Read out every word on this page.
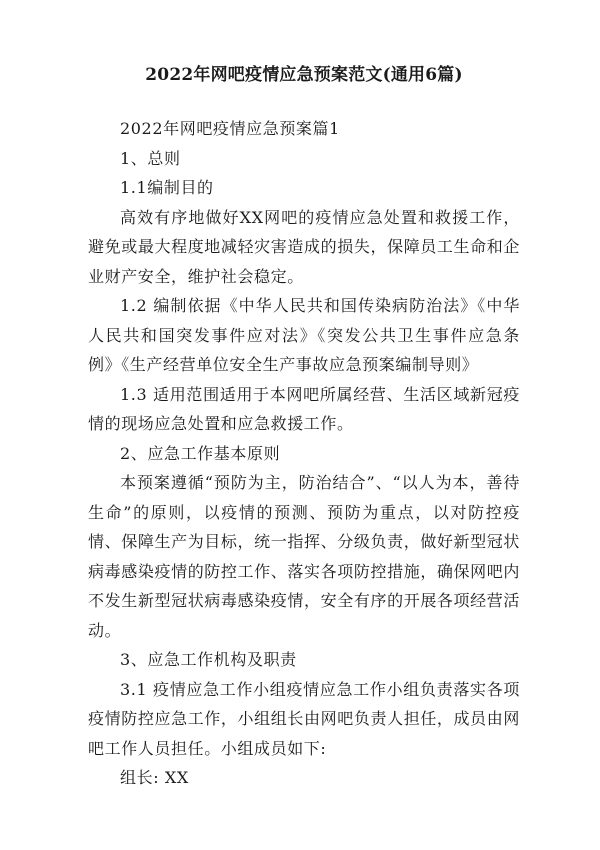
2022年网吧疫情应急预案范文(通用6篇)

2022年网吧疫情应急预案篇1

1、总则

1.1编制目的

高效有序地做好XX网吧的疫情应急处置和救援工作，避免或最大程度地减轻灾害造成的损失，保障员工生命和企业财产安全，维护社会稳定。

1.2 编制依据《中华人民共和国传染病防治法》《中华人民共和国突发事件应对法》《突发公共卫生事件应急条例》《生产经营单位安全生产事故应急预案编制导则》

1.3 适用范围适用于本网吧所属经营、生活区域新冠疫情的现场应急处置和应急救援工作。

2、应急工作基本原则

本预案遵循“预防为主，防治结合”、“以人为本，善待生命”的原则，以疫情的预测、预防为重点，以对防控疫情、保障生产为目标，统一指挥、分级负责，做好新型冠状病毒感染疫情的防控工作、落实各项防控措施，确保网吧内不发生新型冠状病毒感染疫情，安全有序的开展各项经营活动。

3、应急工作机构及职责

3.1 疫情应急工作小组疫情应急工作小组负责落实各项疫情防控应急工作，小组组长由网吧负责人担任，成员由网吧工作人员担任。小组成员如下:

组长: XX
